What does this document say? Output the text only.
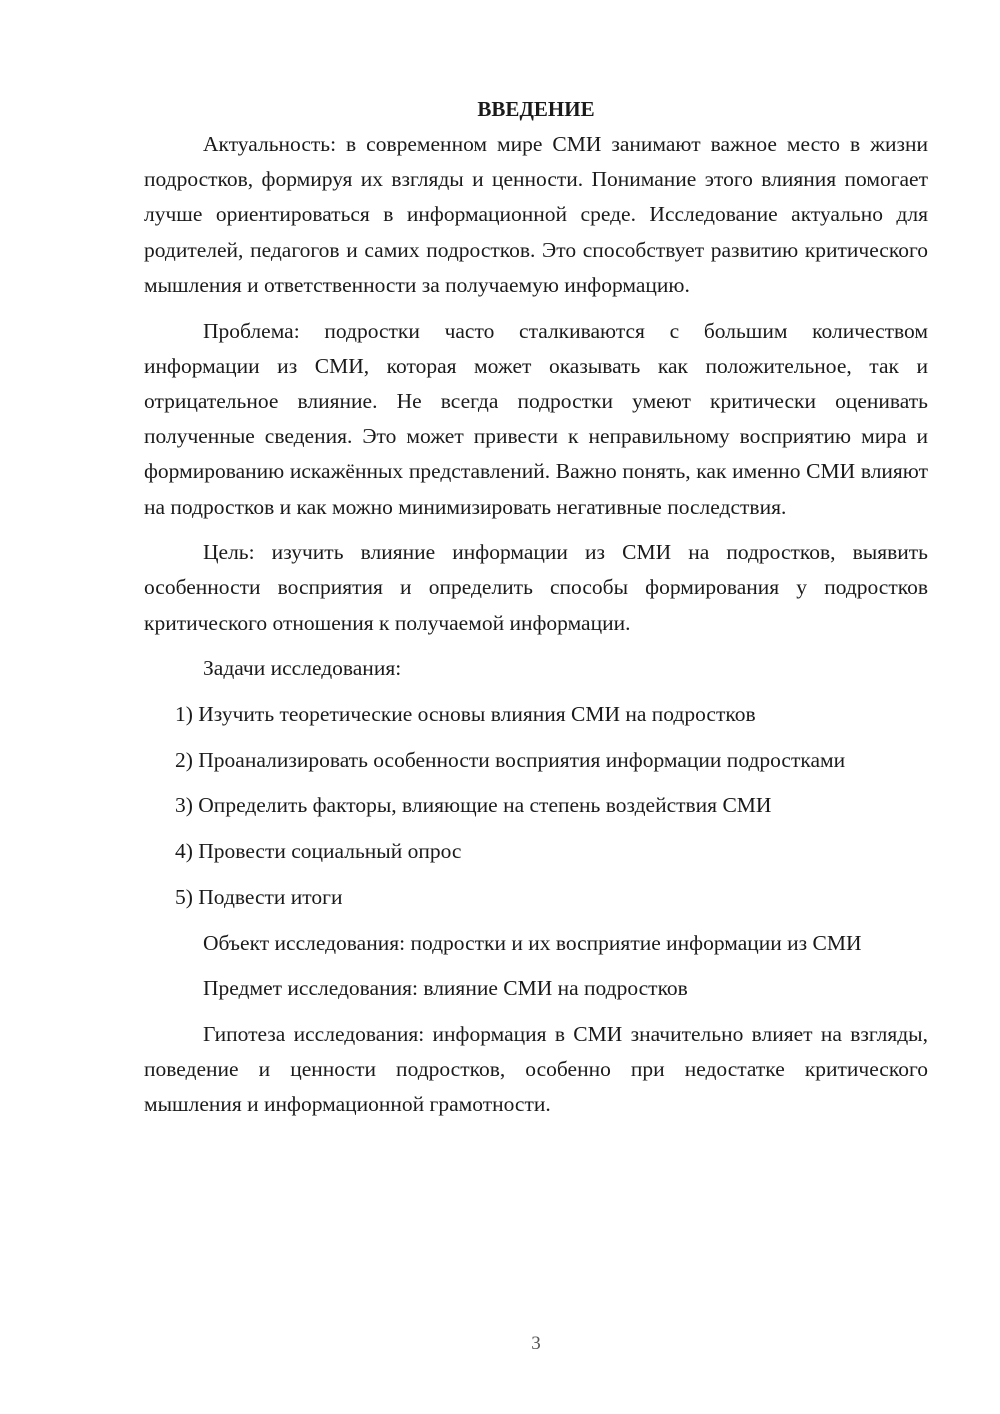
ВВЕДЕНИЕ

Актуальность: в современном мире СМИ занимают важное место в жизни подростков, формируя их взгляды и ценности. Понимание этого влияния помогает лучше ориентироваться в информационной среде. Исследование актуально для родителей, педагогов и самих подростков. Это способствует развитию критического мышления и ответственности за получаемую информацию.

Проблема: подростки часто сталкиваются с большим количеством информации из СМИ, которая может оказывать как положительное, так и отрицательное влияние. Не всегда подростки умеют критически оценивать полученные сведения. Это может привести к неправильному восприятию мира и формированию искажённых представлений. Важно понять, как именно СМИ влияют на подростков и как можно минимизировать негативные последствия.

Цель: изучить влияние информации из СМИ на подростков, выявить особенности восприятия и определить способы формирования у подростков критического отношения к получаемой информации.

Задачи исследования:

1) Изучить теоретические основы влияния СМИ на подростков

2) Проанализировать особенности восприятия информации подростками

3) Определить факторы, влияющие на степень воздействия СМИ

4) Провести социальный опрос

5) Подвести итоги

Объект исследования: подростки и их восприятие информации из СМИ

Предмет исследования: влияние СМИ на подростков

Гипотеза исследования: информация в СМИ значительно влияет на взгляды, поведение и ценности подростков, особенно при недостатке критического мышления и информационной грамотности.

3
